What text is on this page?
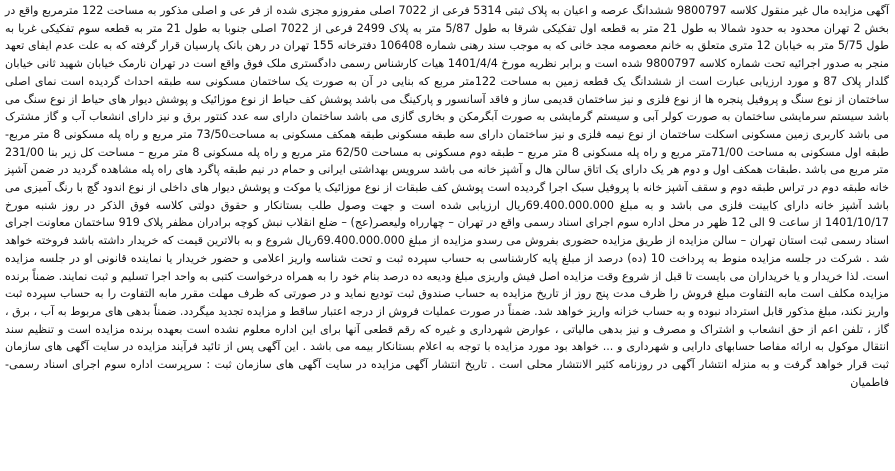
آگهی مزایده مال غیر منقول کلاسه 9800797 ششدانگ عرصه و اعیان به پلاک ثبتی 5314 فرعی از 7022 اصلی مفروزو مجزی شده از فر عی و اصلی مذکور به مساحت 122 مترمربع واقع در بخش 2 تهران محدود به حدود شمالا به طول 21 متر به قطعه اول تفکیکی شرقا به طول 5/87 متر به پلاک 2499 فرعی از 7022 اصلی جنوبا به طول 21 متر به قطعه سوم تفکیکی غربا به طول 5/75 متر به خیابان 12 متری متعلق به خانم معصومه مجد خانی که به موجب سند رهنی شماره 106408 دفترخانه 155 تهران در رهن بانک پارسیان قرار گرفته که به علت عدم ایفای تعهد منجر به صدور اجرائیه تحت شماره کلاسه 9800797 شده است و برابر نظریه مورخ 1401/4/4 هیات کارشناس رسمی دادگستری ملک فوق واقع است در تهران نارمک خیابان شهید ثانی خیابان گلدار پلاک 87 و مورد ارزیابی عبارت است از ششدانگ یک قطعه زمین به مساحت 122متر مربع که بنایی در آن به صورت یک ساختمان مسکونی سه طبقه احداث گردیده است نمای اصلی ساختمان از نوع سنگ و پروفیل پنجره ها از نوع فلزی و نیز ساختمان قدیمی ساز و فاقد آسانسور و پارکینگ می باشد پوشش کف حیاط از نوع موزائیک و پوشش دیوار های حیاط از نوع سنگ می باشد سیستم سرمایشی ساختمان به صورت کولر آبی و سیستم گرمایشی به صورت آبگرمکن و بخاری گازی می باشد ساختمان دارای سه عدد کنتور برق و نیز دارای انشعاب آب و گاز مشترک می باشد کاربری زمین مسکونی اسکلت ساختمان از نوع نیمه فلزی و نیز ساختمان دارای سه طبقه مسکونی طبقه همکف مسکونی به مساحت73/50 متر مربع و راه پله مسکونی 8 متر مربع- طبقه اول مسکونی به مساحت 71/00متر مربع و راه پله مسکونی 8 متر مربع – طبقه دوم مسکونی به مساحت 62/50 متر مربع و راه پله مسکونی 8 متر مربع – مساحت کل زیر بنا 231/00 متر مربع می باشد .طبقات همکف اول و دوم هر یک دارای یک اتاق سالن هال و آشپز خانه می باشد سرویس بهداشتی ایرانی و حمام در نیم طبقه پاگرد های راه پله مشاهده گردید در ضمن آشپز خانه طبقه دوم در تراس طبقه دوم و سقف آشپز خانه با پروفیل سبک اجرا گردیده است پوشش کف طبقات از نوع موزائیک یا موکت و پوشش دیوار های داخلی از نوع اندود گچ با رنگ آمیزی می باشد آشپز خانه دارای کابینت فلزی می باشد و به مبلغ 69.400.000.000ریال ارزیابی شده است و جهت وصول طلب بستانکار و حقوق دولتی کلاسه فوق الذکر در روز شنبه مورخ 1401/10/17 از ساعت 9 الی 12 ظهر در محل اداره سوم اجرای اسناد رسمی واقع در تهران – چهارراه ولیعصر(عج) – ضلع انقلاب نبش کوچه برادران مظفر پلاک 919 ساختمان معاونت اجرای اسناد رسمی ثبت استان تهران – سالن مزایده از طریق مزایده حضوری بفروش می رسدو مزایده از مبلغ 69.400.000.000ریال شروع و به بالاترین قیمت که خریدار داشته باشد فروخته خواهد شد . شرکت در جلسه مزایده منوط به پرداخت 10 (ده) درصد از مبلغ پایه کارشناسی به حساب سپرده ثبت و تحت شناسه واریز اعلامی و حضور خریدار یا نماینده قانونی او در جلسه مزایده است. لذا خریدار و یا خریداران می بایست تا قبل از شروع وقت مزایده اصل فیش واریزی مبلغ ودیعه ده درصد بنام خود را به همراه درخواست کتبی به واحد اجرا تسلیم و ثبت نمایند. ضمناً برنده مزایده مکلف است مابه التفاوت مبلغ فروش را ظرف مدت پنج روز از تاریخ مزایده به حساب صندوق ثبت تودیع نماید و در صورتی که ظرف مهلت مقرر مابه التفاوت را به حساب سپرده ثبت واریز نکند، مبلغ مذکور قابل استرداد نبوده و به حساب خزانه واریز خواهد شد. ضمناً در صورت عملیات فروش از درجه اعتبار ساقط و مزایده تجدید میگردد. ضمناً بدهی های مربوط به آب ، برق ، گاز ، تلفن اعم از حق انشعاب و اشتراک و مصرف و نیز بدهی مالیاتی ، عوارض شهرداری و غیره که رقم قطعی آنها برای این اداره معلوم نشده است بعهده برنده مزایده است و تنظیم سند انتقال موکول به ارائه مفاصا حسابهای دارایی و شهرداری و ... خواهد بود مورد مزایده با توجه به اعلام بستانکار بیمه می باشد . این آگهی پس از تائید فرآیند مزایده در سایت آگهی های سازمان ثبت قرار خواهد گرفت و به منزله انتشار آگهی در روزنامه کثیر الانتشار محلی است . تاریخ انتشار آگهی مزایده در سایت آگهی های سازمان ثبت : سرپرست اداره سوم اجرای اسناد رسمی- فاطمیان
